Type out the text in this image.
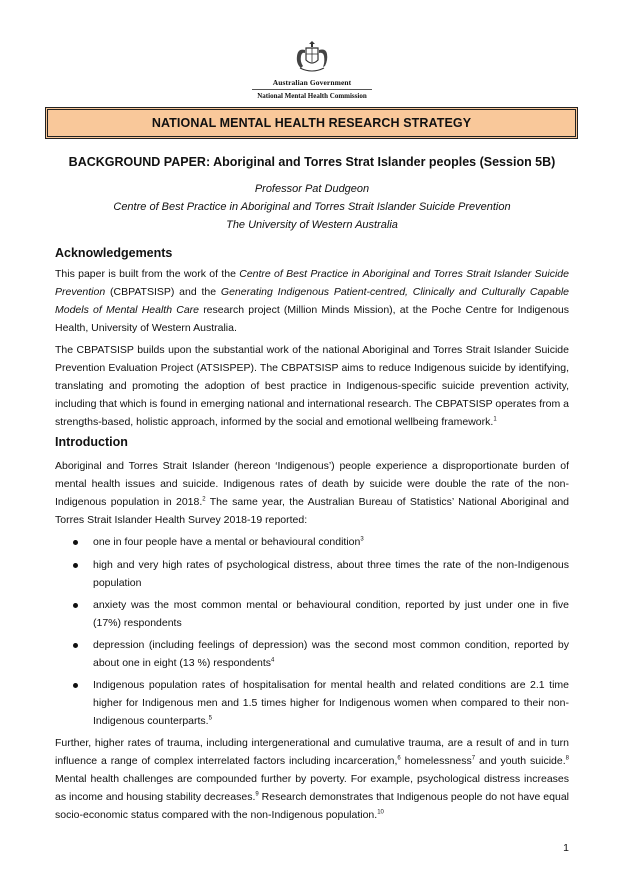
Australian Government
National Mental Health Commission
NATIONAL MENTAL HEALTH RESEARCH STRATEGY
BACKGROUND PAPER: Aboriginal and Torres Strat Islander peoples (Session 5B)
Professor Pat Dudgeon
Centre of Best Practice in Aboriginal and Torres Strait Islander Suicide Prevention
The University of Western Australia
Acknowledgements

This paper is built from the work of the Centre of Best Practice in Aboriginal and Torres Strait Islander Suicide Prevention (CBPATSISP) and the Generating Indigenous Patient-centred, Clinically and Culturally Capable Models of Mental Health Care research project (Million Minds Mission), at the Poche Centre for Indigenous Health, University of Western Australia.

The CBPATSISP builds upon the substantial work of the national Aboriginal and Torres Strait Islander Suicide Prevention Evaluation Project (ATSISPEP). The CBPATSISP aims to reduce Indigenous suicide by identifying, translating and promoting the adoption of best practice in Indigenous-specific suicide prevention activity, including that which is found in emerging national and international research. The CBPATSISP operates from a strengths-based, holistic approach, informed by the social and emotional wellbeing framework.$^1$

Introduction

Aboriginal and Torres Strait Islander (hereon ‘Indigenous’) people experience a disproportionate burden of mental health issues and suicide. Indigenous rates of death by suicide were double the rate of the non-Indigenous population in 2018.$^2$ The same year, the Australian Bureau of Statistics’ National Aboriginal and Torres Strait Islander Health Survey 2018-19 reported:

one in four people have a mental or behavioural condition$^3$
high and very high rates of psychological distress, about three times the rate of the non-Indigenous population
anxiety was the most common mental or behavioural condition, reported by just under one in five (17%) respondents
depression (including feelings of depression) was the second most common condition, reported by about one in eight (13 %) respondents$^4$
Indigenous population rates of hospitalisation for mental health and related conditions are 2.1 time higher for Indigenous men and 1.5 times higher for Indigenous women when compared to their non-Indigenous counterparts.$^5$

Further, higher rates of trauma, including intergenerational and cumulative trauma, are a result of and in turn influence a range of complex interrelated factors including incarceration,$^6$ homelessness$^7$ and youth suicide.$^8$ Mental health challenges are compounded further by poverty. For example, psychological distress increases as income and housing stability decreases.$^9$ Research demonstrates that Indigenous people do not have equal socio-economic status compared with the non-Indigenous population.$^{10}$

1
